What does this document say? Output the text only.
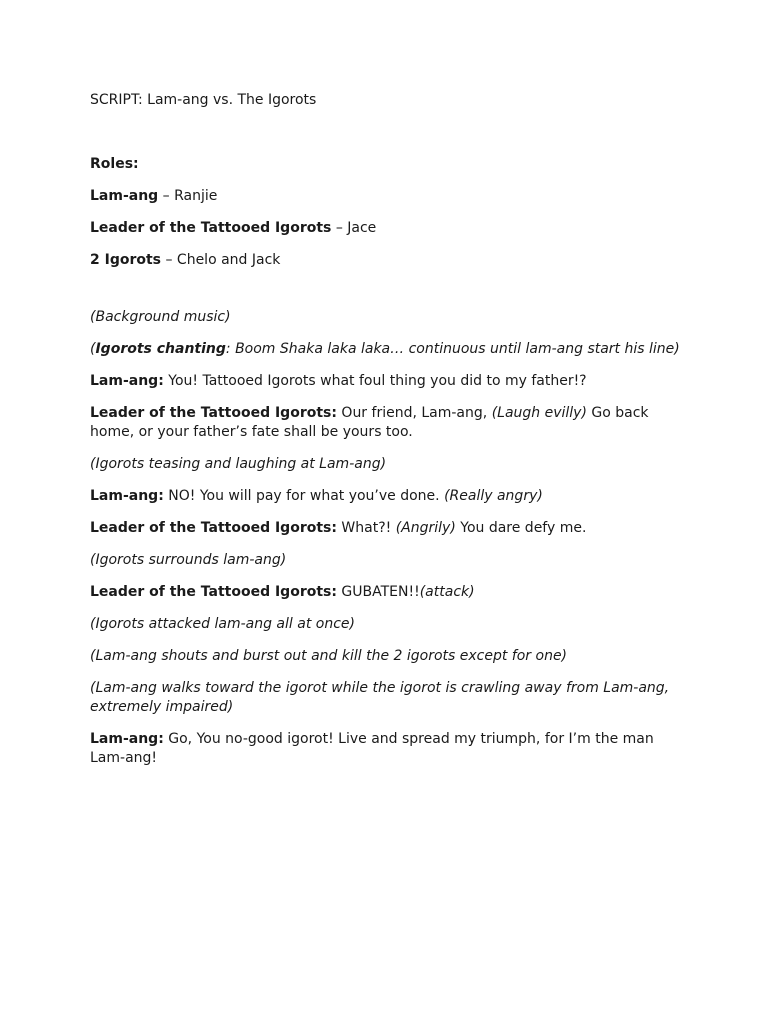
SCRIPT: Lam-ang vs. The Igorots
Roles:
Lam-ang – Ranjie
Leader of the Tattooed Igorots – Jace
2 Igorots – Chelo and Jack
(Background music)
(Igorots chanting: Boom Shaka laka laka… continuous until lam-ang start his line)
Lam-ang: You! Tattooed Igorots what foul thing you did to my father!?
Leader of the Tattooed Igorots: Our friend, Lam-ang, (Laugh evilly) Go back home, or your father’s fate shall be yours too.
(Igorots teasing and laughing at Lam-ang)
Lam-ang: NO! You will pay for what you’ve done. (Really angry)
Leader of the Tattooed Igorots: What?! (Angrily) You dare defy me.
(Igorots surrounds lam-ang)
Leader of the Tattooed Igorots: GUBATEN!!(attack)
(Igorots attacked lam-ang all at once)
(Lam-ang shouts and burst out and kill the 2 igorots except for one)
(Lam-ang walks toward the igorot while the igorot is crawling away from Lam-ang, extremely impaired)
Lam-ang: Go, You no-good igorot! Live and spread my triumph, for I’m the man Lam-ang!
